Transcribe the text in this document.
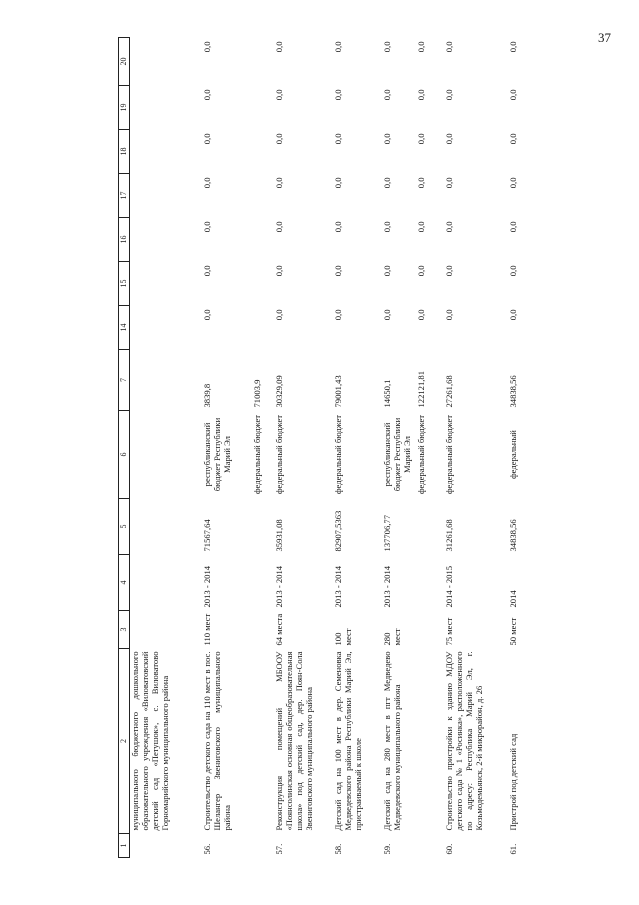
37
1	2	3	4	5	6	7	14	15	16	17	18	19	20
	муниципального бюджетного дошкольного образовательного учреждения «Виловатовский детский сад «Петушок», с. Виловатово Горномарийского муниципального района												
56.	Строительство детского сада на 110 мест в пос. Шелангер Звениговского муниципального района	110 мест	2013 - 2014	71567,64	республиканский бюджет Республики Марий Эл	3839,8	0,0	0,0	0,0	0,0	0,0	0,0	0,0
					федеральный бюджет	71003,9							
57.	Реконструкция помещений МБООУ «Поянсолинская основная общеобразовательная школа» под детский сад, дер. Поян-Сола Звениговского муниципального района	64 места	2013 - 2014	35931,08	федеральный бюджет	30329,09	0,0	0,0	0,0	0,0	0,0	0,0	0,0
58.	Детский сад на 100 мест в дер. Семеновка Медведевского района Республики Марий Эл, пристраиваемый к школе	100 мест	2013 - 2014	82907,5363	федеральный бюджет	79001,43	0,0	0,0	0,0	0,0	0,0	0,0	0,0
59.	Детский сад на 280 мест в пгт Медведево Медведевского муниципального района	280 мест	2013 - 2014	137706,77	республиканский бюджет Республики Марий Эл	14650,1	0,0	0,0	0,0	0,0	0,0	0,0	0,0
					федеральный бюджет	122121,81	0,0	0,0	0,0	0,0	0,0	0,0	0,0
60.	Строительство пристройки к зданию МДОУ детского сада № 1 «Росинка», расположенного по адресу: Республика Марий Эл, г. Козьмодемьянск, 2-й микрорайон, д. 26	75 мест	2014 - 2015	31261,68	федеральный бюджет	27261,68	0,0	0,0	0,0	0,0	0,0	0,0	0,0
61.	Пристрой под детский сад	50 мест	2014	34838,56	федеральный	34838,56	0,0	0,0	0,0	0,0	0,0	0,0	0,0
